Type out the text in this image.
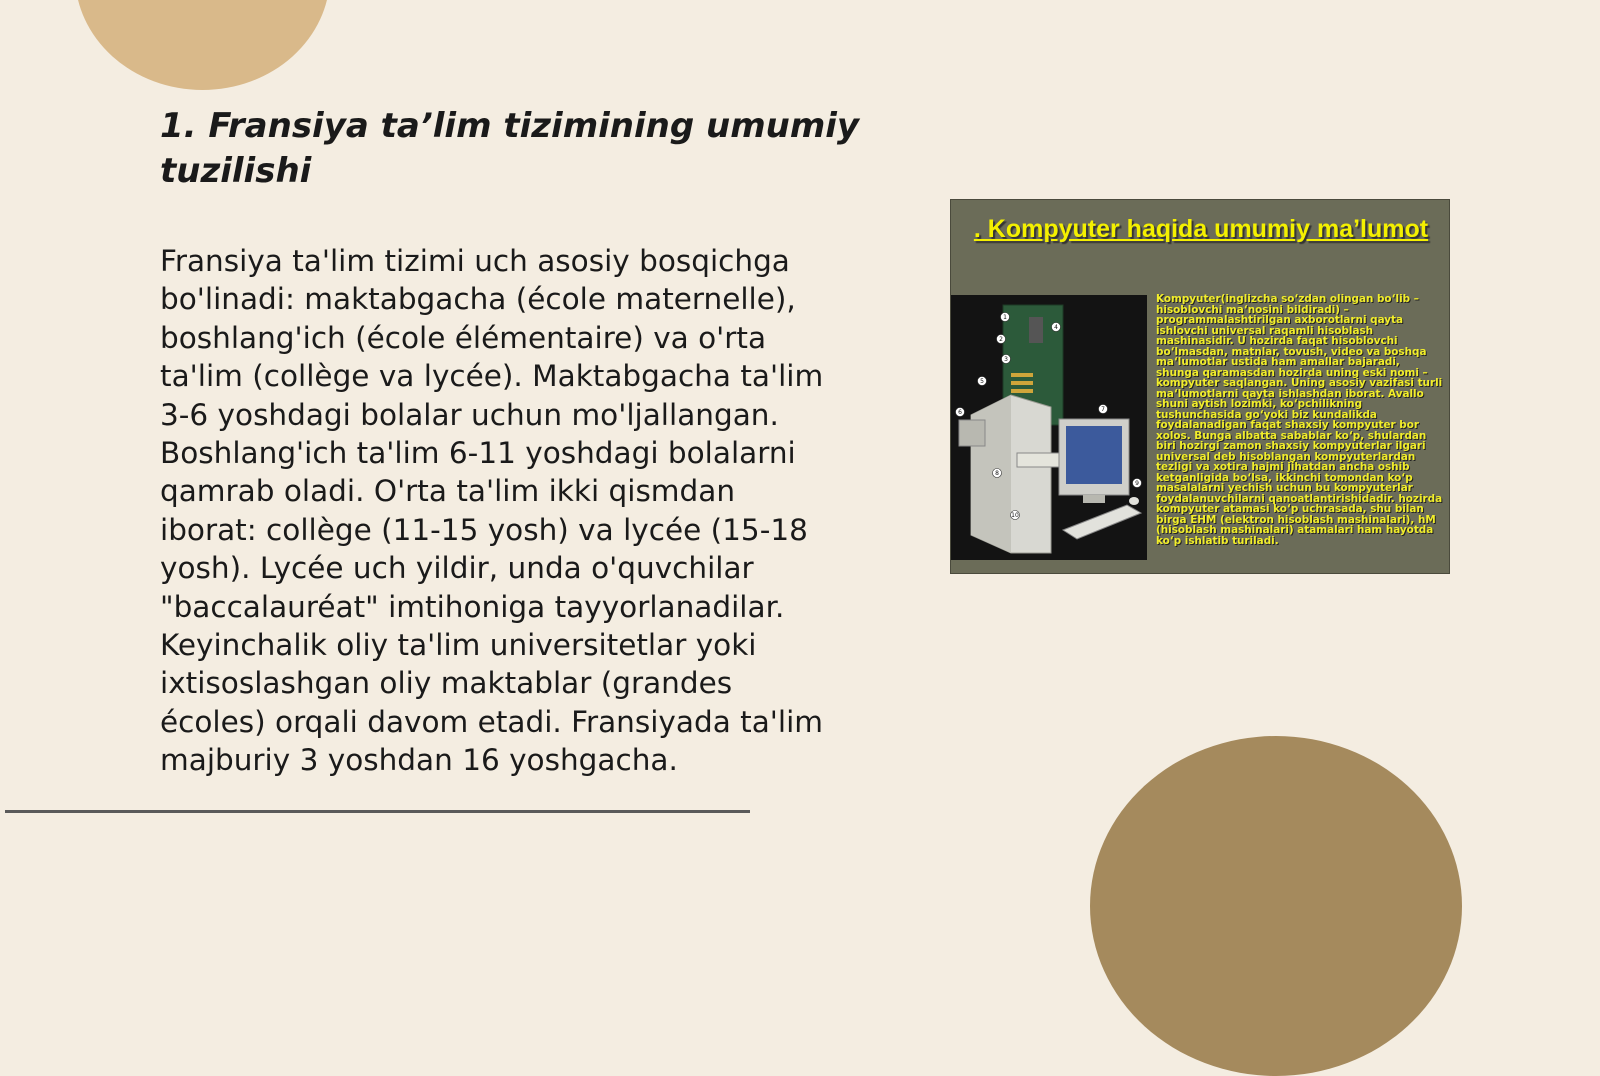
1. Fransiya ta’lim tizimining umumiy tuzilishi

Fransiya ta'lim tizimi uch asosiy bosqichga bo'linadi: maktabgacha (école maternelle), boshlang'ich (école élémentaire) va o'rta ta'lim (collège va lycée). Maktabgacha ta'lim 3-6 yoshdagi bolalar uchun mo'ljallangan. Boshlang'ich ta'lim 6-11 yoshdagi bolalarni qamrab oladi. O'rta ta'lim ikki qismdan iborat: collège (11-15 yosh) va lycée (15-18 yosh). Lycée uch yildir, unda o'quvchilar "baccalauréat" imtihoniga tayyorlanadilar. Keyinchalik oliy ta'lim universitetlar yoki ixtisoslashgan oliy maktablar (grandes écoles) orqali davom etadi. Fransiyada ta'lim majburiy 3 yoshdan 16 yoshgacha.

. Kompyuter haqida umumiy ma’lumot
1
2
3
4
5
6	7
8
9
10
Kompyuter(inglizcha so‘zdan olingan bo‘lib – hisoblovchi ma‘nosini bildiradi) – programmalashtirilgan axborotlarni qayta ishlovchi universal raqamli hisoblash mashinasidir. U hozirda faqat hisoblovchi bo‘lmasdan, matnlar, tovush, video va boshqa ma‘lumotlar ustida ham amallar bajaradi, shunga qaramasdan hozirda uning eski nomi – kompyuter saqlangan. Uning asosiy vazifasi turli ma‘lumotlarni qayta ishlashdan iborat. Avallo shuni aytish lozimki, ko‘pchilikning tushunchasida go‘yoki biz kundalikda foydalanadigan faqat shaxsiy kompyuter bor xolos. Bunga albatta sabablar ko‘p, shulardan biri hozirgi zamon shaxsiy kompyuterlar ilgari universal deb hisoblangan kompyuterlardan tezligi va xotira hajmi jihatdan ancha oshib ketganligida bo‘lsa, ikkinchi tomondan ko‘p masalalarni yechish uchun bu kompyuterlar foydalanuvchilarni qanoatlantirishidadir. hozirda kompyuter atamasi ko‘p uchrasada, shu bilan birga EHM (elektron hisoblash mashinalari), hM (hisoblash mashinalari) atamalari ham hayotda ko‘p ishlatib turiladi.
